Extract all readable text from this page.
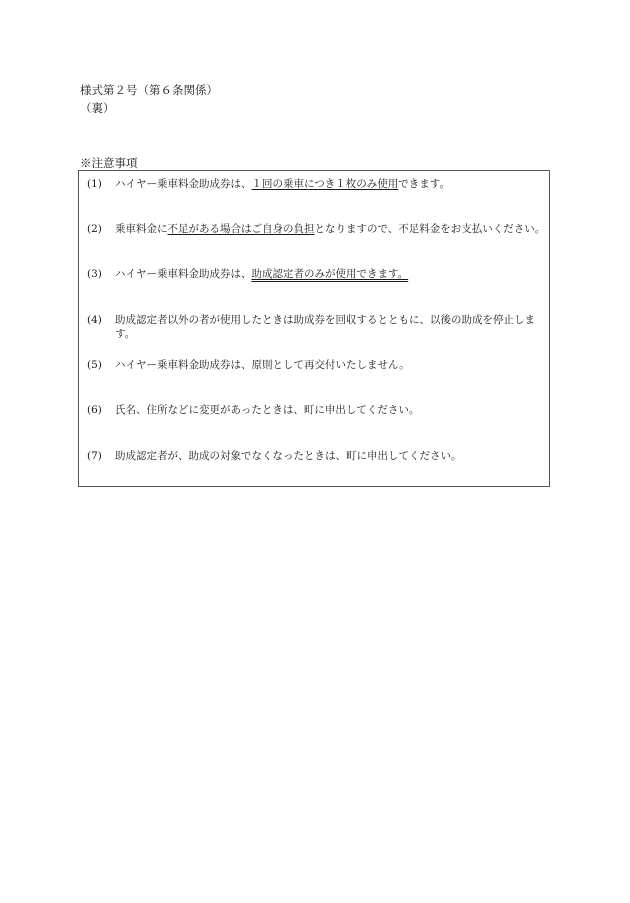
様式第２号（第６条関係）
（裏）
※注意事項
(1)	ハイヤー乗車料金助成券は、１回の乗車につき１枚のみ使用できます。
(2)	乗車料金に不足がある場合はご自身の負担となりますので、不足料金をお支払いください。
(3)	ハイヤー乗車料金助成券は、助成認定者のみが使用できます。
(4)	助成認定者以外の者が使用したときは助成券を回収するとともに、以後の助成を停止します。
(5)	ハイヤー乗車料金助成券は、原則として再交付いたしません。
(6)	氏名、住所などに変更があったときは、町に申出してください。
(7)	助成認定者が、助成の対象でなくなったときは、町に申出してください。
